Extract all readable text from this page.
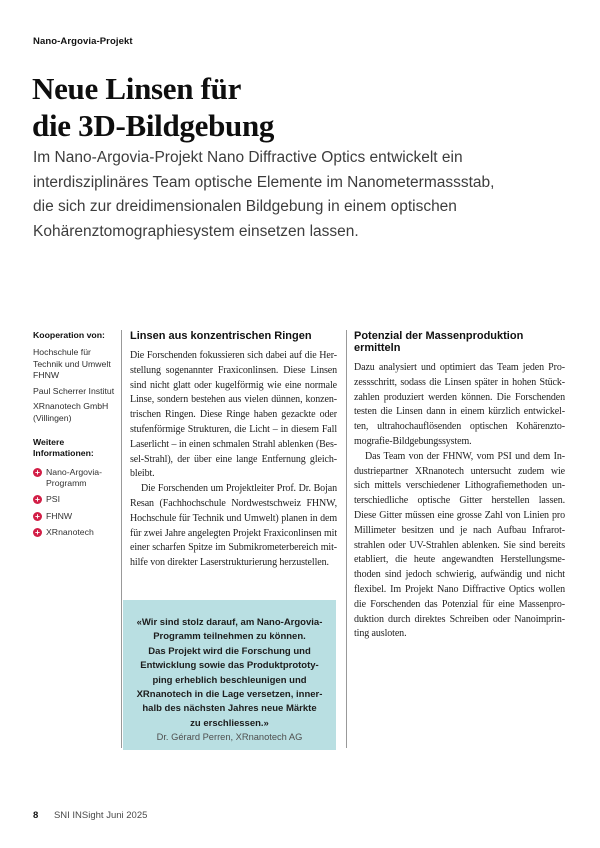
Nano-Argovia-Projekt
Neue Linsen für
die 3D-Bildgebung
Im Nano-Argovia-Projekt Nano Diffractive Optics entwickelt ein
interdisziplinäres Team optische Elemente im Nanometermassstab,
die sich zur dreidimensionalen Bildgebung in einem optischen
Kohärenztomographiesystem einsetzen lassen.
Kooperation von:
Hochschule für Technik und Umwelt FHNW
Paul Scherrer Institut
XRnanotech GmbH (Villingen)
Weitere Informationen:
+ Nano-Argovia-Programm
+ PSI
+ FHNW
+ XRnanotech
Linsen aus konzentrischen Ringen
Die Forschenden fokussieren sich dabei auf die Her-
stellung sogenannter Fraxiconlinsen. Diese Linsen
sind nicht glatt oder kugelförmig wie eine normale
Linse, sondern bestehen aus vielen dünnen, konzen-
trischen Ringen. Diese Ringe haben gezackte oder
stufenförmige Strukturen, die Licht – in diesem Fall
Laserlicht – in einen schmalen Strahl ablenken (Bes-
sel-Strahl), der über eine lange Entfernung gleich-
bleibt.
Die Forschenden um Projektleiter Prof. Dr. Bojan
Resan (Fachhochschule Nordwestschweiz FHNW,
Hochschule für Technik und Umwelt) planen in dem
für zwei Jahre angelegten Projekt Fraxiconlinsen mit
einer scharfen Spitze im Submikrometerbereich mit-
hilfe von direkter Laserstrukturierung herzustellen.
Potenzial der Massenproduktion ermitteln
Dazu analysiert und optimiert das Team jeden Pro-
zessschritt, sodass die Linsen später in hohen Stück-
zahlen produziert werden können. Die Forschenden
testen die Linsen dann in einem kürzlich entwickel-
ten, ultrahochauflösenden optischen Kohärenzto-
mografie-Bildgebungssystem.
Das Team von der FHNW, vom PSI und dem In-
dustriepartner XRnanotech untersucht zudem wie
sich mittels verschiedener Lithografiemethoden un-
terschiedliche optische Gitter herstellen lassen.
Diese Gitter müssen eine grosse Zahl von Linien pro
Millimeter besitzen und je nach Aufbau Infrarot-
strahlen oder UV-Strahlen ablenken. Sie sind bereits
etabliert, die heute angewandten Herstellungsme-
thoden sind jedoch schwierig, aufwändig und nicht
flexibel. Im Projekt Nano Diffractive Optics wollen
die Forschenden das Potenzial für eine Massenpro-
duktion durch direktes Schreiben oder Nanoimprin-
ting ausloten.
«Wir sind stolz darauf, am Nano-Argovia-
Programm teilnehmen zu können.
Das Projekt wird die Forschung und
Entwicklung sowie das Produktprototy-
ping erheblich beschleunigen und
XRnanotech in die Lage versetzen, inner-
halb des nächsten Jahres neue Märkte
zu erschliessen.»
Dr. Gérard Perren, XRnanotech AG
8 SNI INSight Juni 2025
